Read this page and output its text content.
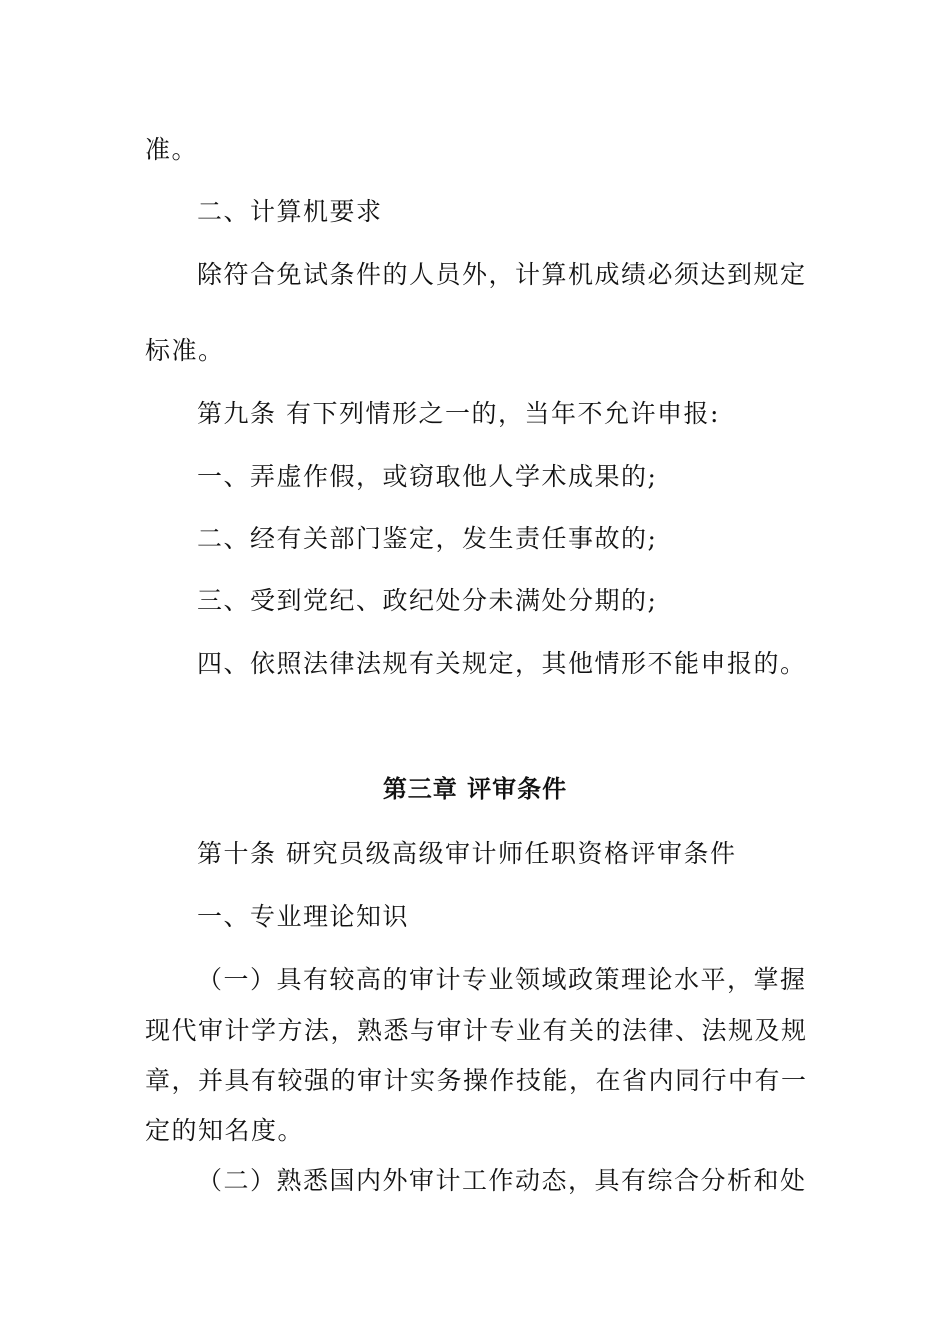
准。
二、计算机要求
除符合免试条件的人员外，计算机成绩必须达到规定
标准。
第九条 有下列情形之一的，当年不允许申报:
一、弄虚作假，或窃取他人学术成果的;
二、经有关部门鉴定，发生责任事故的;
三、受到党纪、政纪处分未满处分期的;
四、依照法律法规有关规定，其他情形不能申报的。
第三章 评审条件
第十条 研究员级高级审计师任职资格评审条件
一、专业理论知识
（一）具有较高的审计专业领域政策理论水平，掌握
现代审计学方法，熟悉与审计专业有关的法律、法规及规
章，并具有较强的审计实务操作技能，在省内同行中有一
定的知名度。
（二）熟悉国内外审计工作动态，具有综合分析和处
